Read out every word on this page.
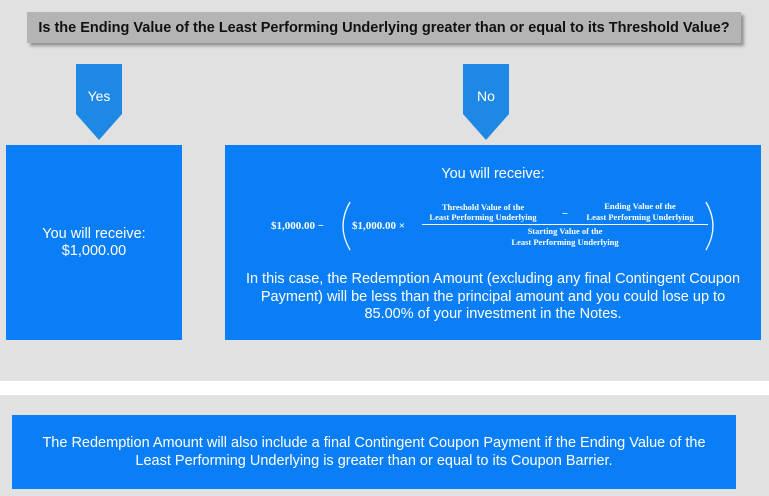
Is the Ending Value of the Least Performing Underlying greater than or equal to its Threshold Value?
Yes	No
You will receive:
$1,000.00
You will receive:
$1,000.00 −	$1,000.00 ×
Threshold Value of the
Least Performing Underlying −
Ending Value of the
Least Performing Underlying
Starting Value of the
Least Performing Underlying
In this case, the Redemption Amount (excluding any final Contingent Coupon Payment) will be less than the principal amount and you could lose up to 85.00% of your investment in the Notes.
The Redemption Amount will also include a final Contingent Coupon Payment if the Ending Value of the Least Performing Underlying is greater than or equal to its Coupon Barrier.
